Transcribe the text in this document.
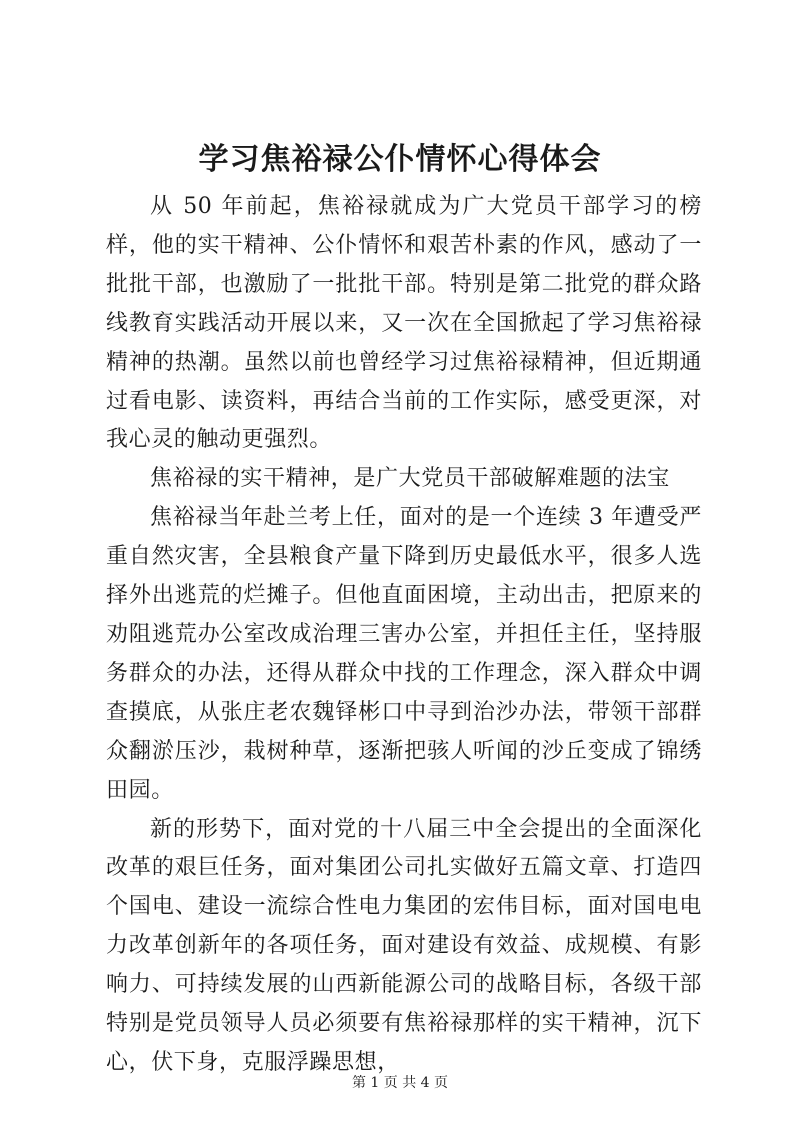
学习焦裕禄公仆情怀心得体会

从 50 年前起，焦裕禄就成为广大党员干部学习的榜样，他的实干精神、公仆情怀和艰苦朴素的作风，感动了一批批干部，也激励了一批批干部。特别是第二批党的群众路线教育实践活动开展以来，又一次在全国掀起了学习焦裕禄精神的热潮。虽然以前也曾经学习过焦裕禄精神，但近期通过看电影、读资料，再结合当前的工作实际，感受更深，对我心灵的触动更强烈。

焦裕禄的实干精神，是广大党员干部破解难题的法宝

焦裕禄当年赴兰考上任，面对的是一个连续 3 年遭受严重自然灾害，全县粮食产量下降到历史最低水平，很多人选择外出逃荒的烂摊子。但他直面困境，主动出击，把原来的劝阻逃荒办公室改成治理三害办公室，并担任主任，坚持服务群众的办法，还得从群众中找的工作理念，深入群众中调查摸底，从张庄老农魏铎彬口中寻到治沙办法，带领干部群众翻淤压沙，栽树种草，逐渐把骇人听闻的沙丘变成了锦绣田园。

新的形势下，面对党的十八届三中全会提出的全面深化改革的艰巨任务，面对集团公司扎实做好五篇文章、打造四个国电、建设一流综合性电力集团的宏伟目标，面对国电电力改革创新年的各项任务，面对建设有效益、成规模、有影响力、可持续发展的山西新能源公司的战略目标，各级干部特别是党员领导人员必须要有焦裕禄那样的实干精神，沉下心，伏下身，克服浮躁思想，

第 1 页 共 4 页
